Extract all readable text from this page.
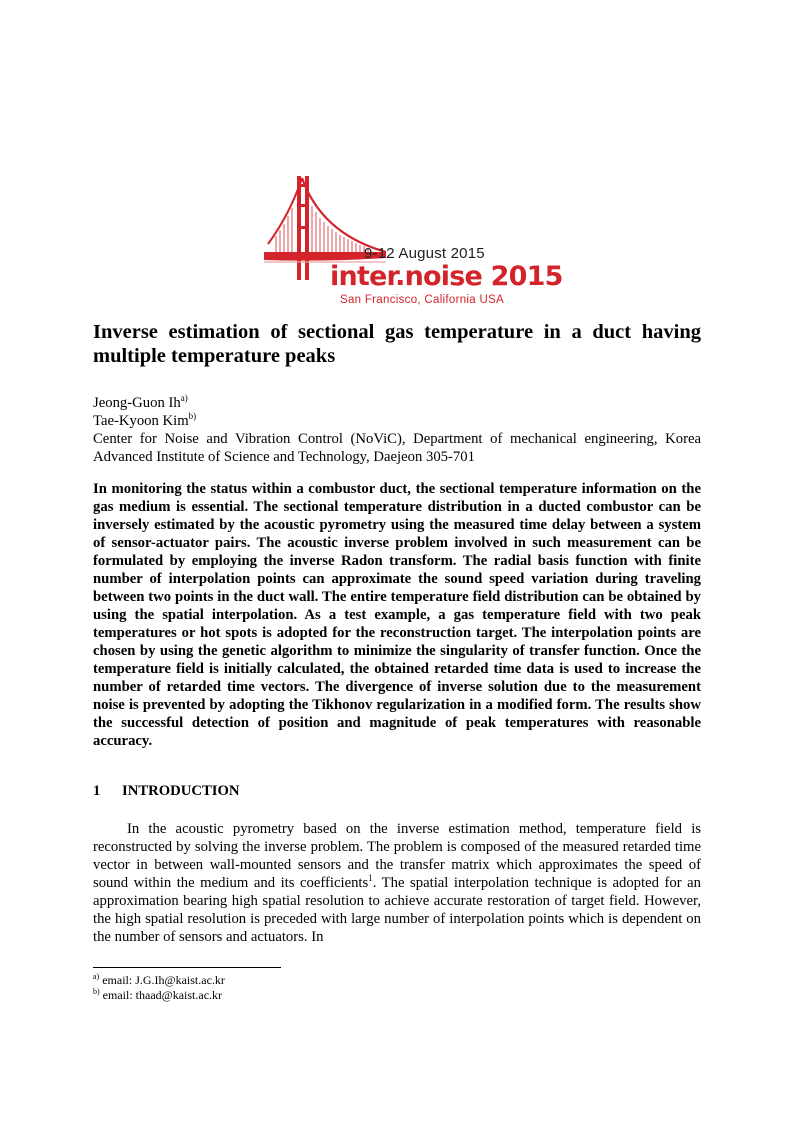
9-12 August 2015
inter.noise 2015
San Francisco, California USA
Inverse estimation of sectional gas temperature in a duct having multiple temperature peaks
Jeong-Guon Ih$^{a)}$
Tae-Kyoon Kim$^{b)}$
Center for Noise and Vibration Control (NoViC), Department of mechanical engineering, Korea Advanced Institute of Science and Technology, Daejeon 305-701

In monitoring the status within a combustor duct, the sectional temperature information on the gas medium is essential. The sectional temperature distribution in a ducted combustor can be inversely estimated by the acoustic pyrometry using the measured time delay between a system of sensor-actuator pairs. The acoustic inverse problem involved in such measurement can be formulated by employing the inverse Radon transform. The radial basis function with finite number of interpolation points can approximate the sound speed variation during traveling between two points in the duct wall. The entire temperature field distribution can be obtained by using the spatial interpolation. As a test example, a gas temperature field with two peak temperatures or hot spots is adopted for the reconstruction target. The interpolation points are chosen by using the genetic algorithm to minimize the singularity of transfer function. Once the temperature field is initially calculated, the obtained retarded time data is used to increase the number of retarded time vectors. The divergence of inverse solution due to the measurement noise is prevented by adopting the Tikhonov regularization in a modified form. The results show the successful detection of position and magnitude of peak temperatures with reasonable accuracy.

1 INTRODUCTION

In the acoustic pyrometry based on the inverse estimation method, temperature field is reconstructed by solving the inverse problem. The problem is composed of the measured retarded time vector in between wall-mounted sensors and the transfer matrix which approximates the speed of sound within the medium and its coefficients$^1$. The spatial interpolation technique is adopted for an approximation bearing high spatial resolution to achieve accurate restoration of target field. However, the high spatial resolution is preceded with large number of interpolation points which is dependent on the number of sensors and actuators. In

$^{a)}$ email: J.G.Ih@kaist.ac.kr
$^{b)}$ email: thaad@kaist.ac.kr
